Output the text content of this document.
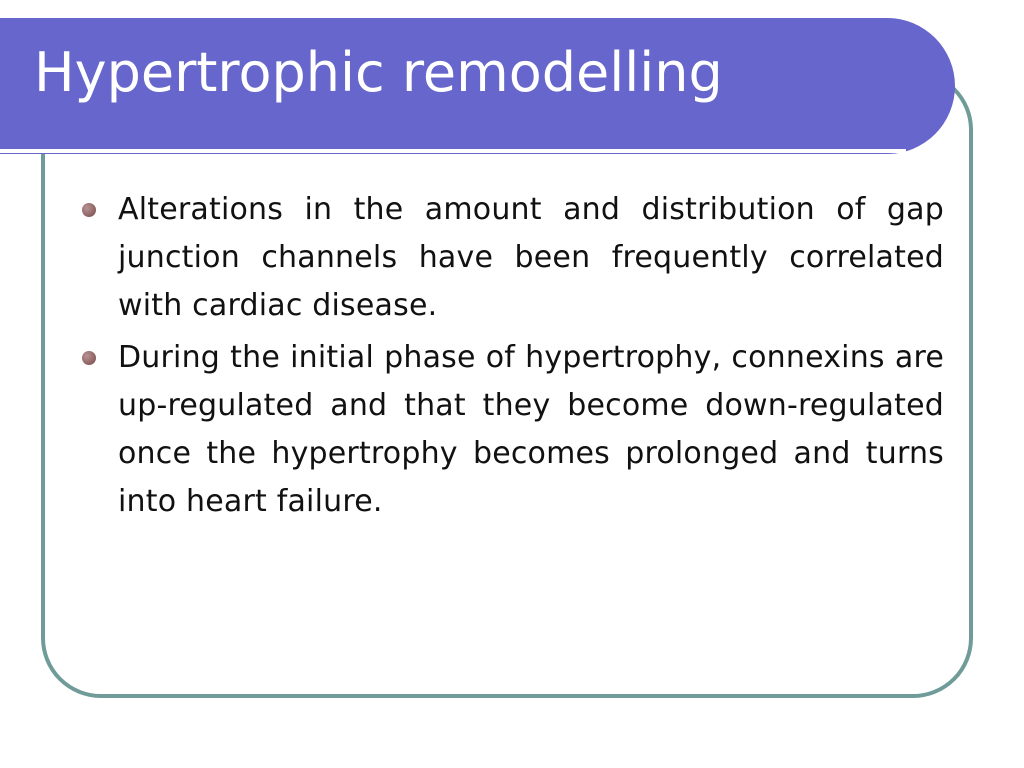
Hypertrophic remodelling
Alterations in the amount and distribution of gap junction channels have been frequently correlated with cardiac disease.
During the initial phase of hypertrophy, connexins are up-regulated and that they become down-regulated once the hypertrophy becomes prolonged and turns into heart failure.
